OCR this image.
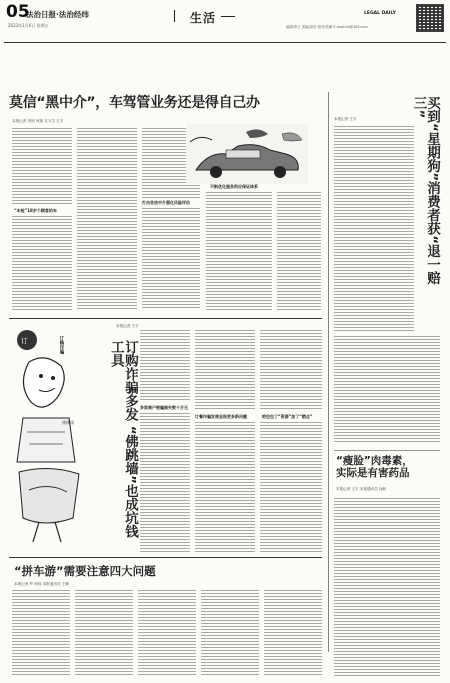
05
法治日报·法治经纬
2023年1月6日 星期五
生活	LEGAL DAILY
编辑/李立 美编/高岳 校对/张鹏 E-mail:lrb@163.com
莫信“黑中介”，车驾管业务还是得自己办
本报记者 刘欣 何莲 实习生 王宇
“车检”18岁个顾客的车
打击非法中介强化风险评估
不断优化服务供应保证体系	买到“星期狗”消费者获“退一赔三”
本报记者 王宇
订	订购诈骗
佛跳墙	订购诈骗多发 “佛跳墙”也成坑钱工具
本报记者 王宇
多家商户被骗损失数十万元
订餐诈骗发展呈现更多新问题	给包包了“资源”加了“燃点”
“瘦脸”肉毒素，实际是有害药品
本报记者 王宇 本报通讯员 何帆
“拼车游”需要注意四大问题
本报记者 罗 何伟 本报通讯员 王琳
